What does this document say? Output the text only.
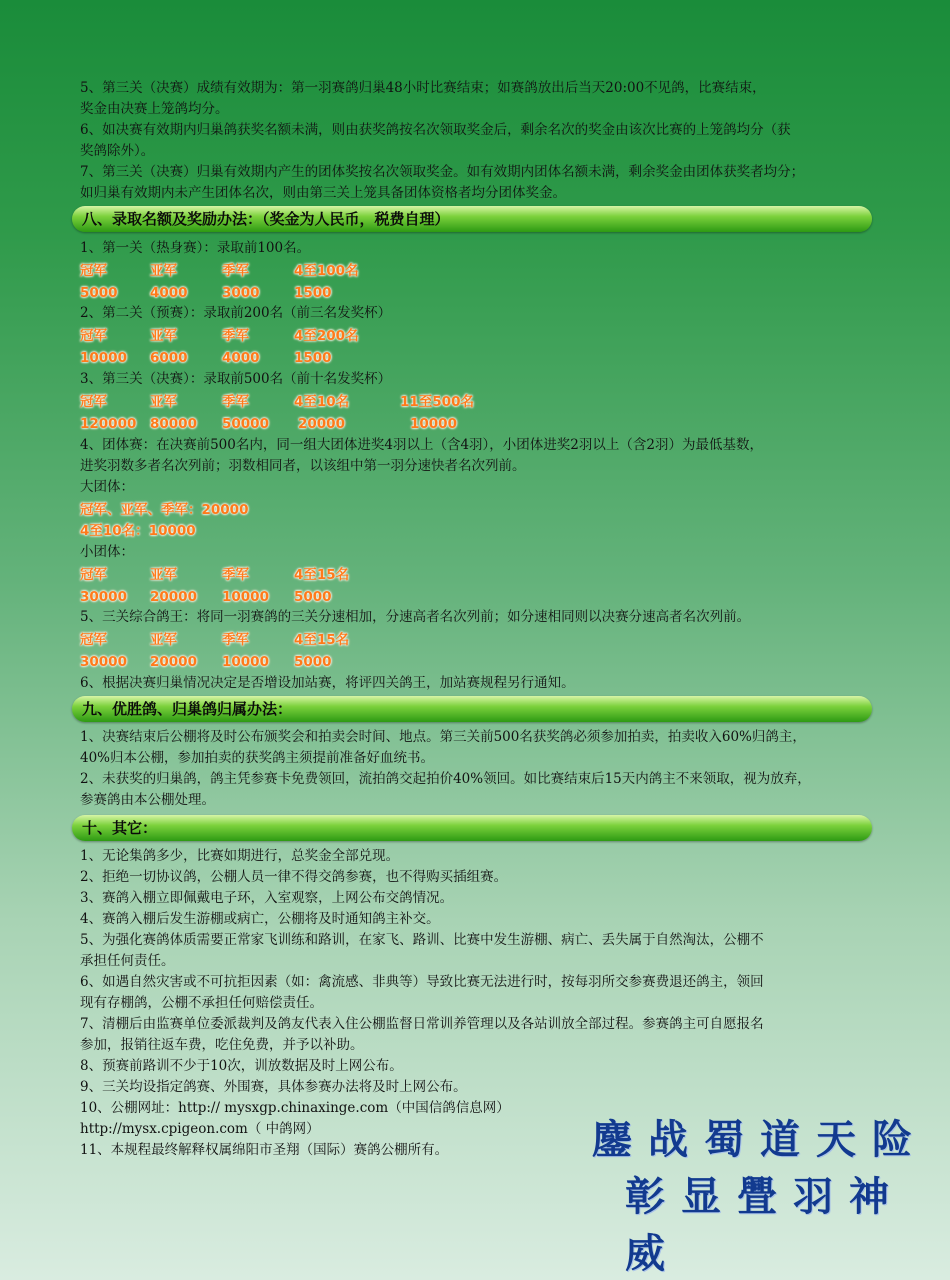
5、第三关（决赛）成绩有效期为：第一羽赛鸽归巢48小时比赛结束；如赛鸽放出后当天20:00不见鸽，比赛结束，

奖金由决赛上笼鸽均分。

6、如决赛有效期内归巢鸽获奖名额未满，则由获奖鸽按名次领取奖金后，剩余名次的奖金由该次比赛的上笼鸽均分（获

奖鸽除外）。

7、第三关（决赛）归巢有效期内产生的团体奖按名次领取奖金。如有效期内团体名额未满，剩余奖金由团体获奖者均分；

如归巢有效期内未产生团体名次，则由第三关上笼具备团体资格者均分团体奖金。

八、录取名额及奖励办法：（奖金为人民币，税费自理）

1、第一关（热身赛）：录取前100名。

冠军	亚军	季军	4至100名
5000 4000	3000	1500

2、第二关（预赛）：录取前200名（前三名发奖杯）

冠军	亚军	季军	4至200名
10000 6000	4000	1500

3、第三关（决赛）：录取前500名（前十名发奖杯）

冠军	亚军	季军	4至10名	11至500名
120000 80000 50000 20000	10000

4、团体赛：在决赛前500名内，同一组大团体进奖4羽以上（含4羽），小团体进奖2羽以上（含2羽）为最低基数，

进奖羽数多者名次列前；羽数相同者，以该组中第一羽分速快者名次列前。

大团体：

冠军、亚军、季军：20000
4至10名：10000

小团体：

冠军	亚军	季军	4至15名
30000 20000 10000 5000

5、三关综合鸽王：将同一羽赛鸽的三关分速相加，分速高者名次列前；如分速相同则以决赛分速高者名次列前。

冠军	亚军	季军	4至15名
30000 20000 10000 5000

6、根据决赛归巢情况决定是否增设加站赛，将评四关鸽王，加站赛规程另行通知。

九、优胜鸽、归巢鸽归属办法：

1、决赛结束后公棚将及时公布颁奖会和拍卖会时间、地点。第三关前500名获奖鸽必须参加拍卖，拍卖收入60%归鸽主，

40%归本公棚，参加拍卖的获奖鸽主须提前准备好血统书。

2、未获奖的归巢鸽，鸽主凭参赛卡免费领回，流拍鸽交起拍价40%领回。如比赛结束后15天内鸽主不来领取，视为放弃，

参赛鸽由本公棚处理。

十、其它：

1、无论集鸽多少，比赛如期进行，总奖金全部兑现。

2、拒绝一切协议鸽，公棚人员一律不得交鸽参赛，也不得购买插组赛。

3、赛鸽入棚立即佩戴电子环，入室观察，上网公布交鸽情况。

4、赛鸽入棚后发生游棚或病亡，公棚将及时通知鸽主补交。

5、为强化赛鸽体质需要正常家飞训练和路训，在家飞、路训、比赛中发生游棚、病亡、丢失属于自然淘汰，公棚不

承担任何责任。

6、如遇自然灾害或不可抗拒因素（如：禽流感、非典等）导致比赛无法进行时，按每羽所交参赛费退还鸽主，领回

现有存棚鸽，公棚不承担任何赔偿责任。

7、清棚后由监赛单位委派裁判及鸽友代表入住公棚监督日常训养管理以及各站训放全部过程。参赛鸽主可自愿报名

参加，报销往返车费，吃住免费，并予以补助。

8、预赛前路训不少于10次，训放数据及时上网公布。

9、三关均设指定鸽赛、外围赛，具体参赛办法将及时上网公布。

10、公棚网址：http:// mysxgp.chinaxinge.com（中国信鸽信息网）

http://mysx.cpigeon.com（ 中鸽网）

11、本规程最终解释权属绵阳市圣翔（国际）赛鸽公棚所有。	鏖战蜀道天险
彰显舋羽神威
